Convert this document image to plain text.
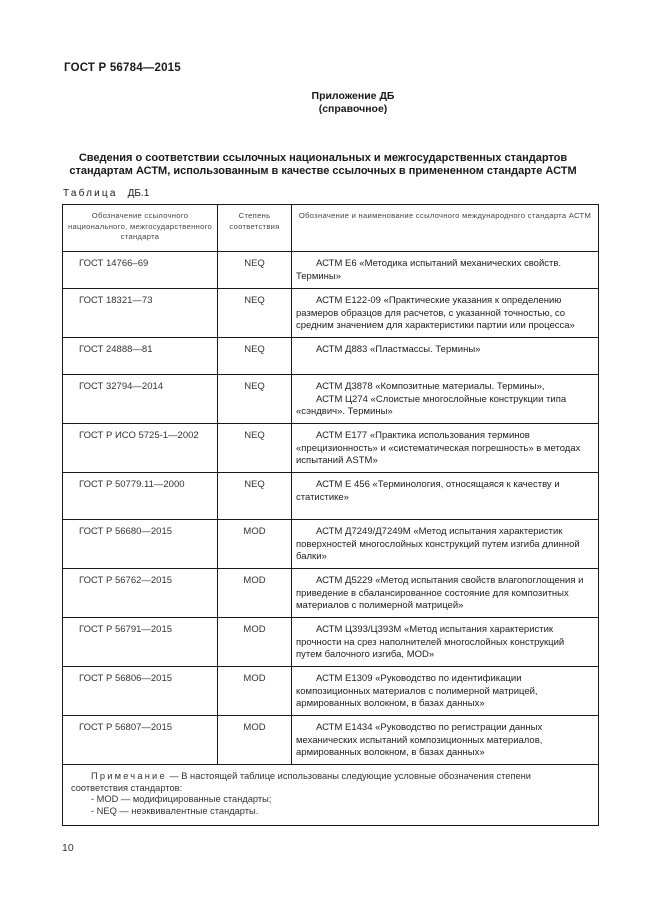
ГОСТ Р 56784—2015
Приложение ДБ
(справочное)
Сведения о соответствии ссылочных национальных и межгосударственных стандартов
стандартам АСТМ, использованным в качестве ссылочных в примененном стандарте АСТМ
Таблица ДБ.1
Обозначение ссылочного национального, межгосударственного стандарта	Степень соответствия	Обозначение и наименование ссылочного международного стандарта АСТМ
ГОСТ 14766–69	NEQ	АСТМ Е6 «Методика испытаний механических свойств. Термины»

ГОСТ 18321—73	NEQ	АСТМ Е122-09 «Практические указания к определению размеров образцов для расчетов, с указанной точностью, со средним значением для характеристики партии или процесса»

ГОСТ 24888—81	NEQ	АСТМ Д883 «Пластмассы. Термины»

ГОСТ 32794—2014	NEQ	АСТМ Д3878 «Композитные материалы. Термины»,
АСТМ Ц274 «Слоистые многослойные конструкции типа «сэндвич». Термины»

ГОСТ Р ИСО 5725-1—2002	NEQ	АСТМ Е177 «Практика использования терминов «прецизионность» и «систематическая погрешность» в методах испытаний ASTM»

ГОСТ Р 50779.11—2000	NEQ	АСТМ Е 456 «Терминология, относящаяся к качеству и статистике»

ГОСТ Р 56680—2015	MOD	АСТМ Д7249/Д7249М «Метод испытания характеристик поверхностей многослойных конструкций путем изгиба длинной балки»

ГОСТ Р 56762—2015	MOD	АСТМ Д5229 «Метод испытания свойств влагопоглощения и приведение в сбалансированное состояние для композитных материалов с полимерной матрицей»

ГОСТ Р 56791—2015	MOD	АСТМ Ц393/Ц393М «Метод испытания характеристик прочности на срез наполнителей многослойных конструкций путем балочного изгиба, MOD»

ГОСТ Р 56806—2015	MOD	АСТМ Е1309 «Руководство по идентификации композиционных материалов с полимерной матрицей, армированных волокном, в базах данных»

ГОСТ Р 56807—2015	MOD	АСТМ Е1434 «Руководство по регистрации данных механических испытаний композиционных материалов, армированных волокном, в базах данных»

Примечание — В настоящей таблице использованы следующие условные обозначения степени соответствия стандартов:
- MOD — модифицированные стандарты;
- NEQ — неэквивалентные стандарты.		
10
